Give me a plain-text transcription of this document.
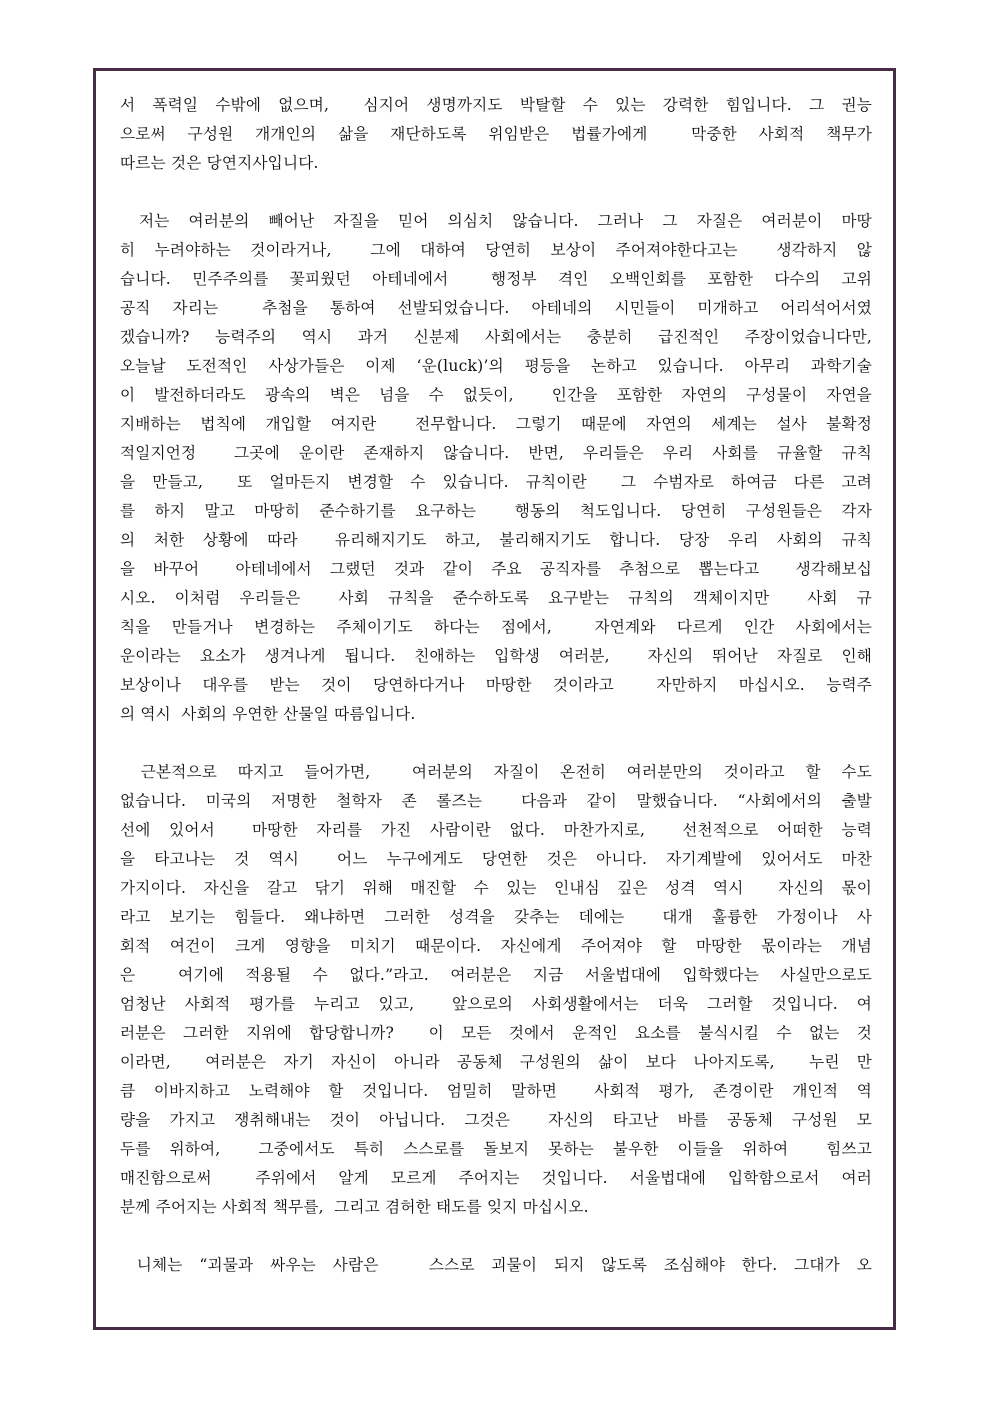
서 폭력일 수밖에 없으며,  심지어 생명까지도 박탈할 수 있는 강력한 힘입니다. 그 권능
으로써 구성원 개개인의 삶을 재단하도록 위임받은 법률가에게  막중한 사회적 책무가
따르는 것은 당연지사입니다.
저는 여러분의 빼어난 자질을 믿어 의심치 않습니다. 그러나 그 자질은 여러분이 마땅
히 누려야하는 것이라거나,  그에 대하여 당연히 보상이 주어져야한다고는  생각하지 않
습니다. 민주주의를 꽃피웠던 아테네에서  행정부 격인 오백인회를 포함한 다수의 고위
공직 자리는  추첨을 통하여 선발되었습니다. 아테네의 시민들이 미개하고 어리석어서였
겠습니까? 능력주의 역시 과거 신분제 사회에서는 충분히 급진적인 주장이었습니다만,
오늘날 도전적인 사상가들은 이제 ‘운(luck)’의 평등을 논하고 있습니다. 아무리 과학기술
이 발전하더라도 광속의 벽은 넘을 수 없듯이,  인간을 포함한 자연의 구성물이 자연을
지배하는 법칙에 개입할 여지란  전무합니다. 그렇기 때문에 자연의 세계는 설사 불확정
적일지언정  그곳에 운이란 존재하지 않습니다. 반면, 우리들은 우리 사회를 규율할 규칙
을 만들고,  또 얼마든지 변경할 수 있습니다. 규칙이란  그 수범자로 하여금 다른 고려
를 하지 말고 마땅히 준수하기를 요구하는  행동의 척도입니다. 당연히 구성원들은 각자
의 처한 상황에 따라  유리해지기도 하고, 불리해지기도 합니다. 당장 우리 사회의 규칙
을 바꾸어  아테네에서 그랬던 것과 같이 주요 공직자를 추첨으로 뽑는다고  생각해보십
시오. 이처럼 우리들은  사회 규칙을 준수하도록 요구받는 규칙의 객체이지만  사회 규
칙을 만들거나 변경하는 주체이기도 하다는 점에서,  자연계와 다르게 인간 사회에서는
운이라는 요소가 생겨나게 됩니다. 친애하는 입학생 여러분,  자신의 뛰어난 자질로 인해
보상이나 대우를 받는 것이 당연하다거나 마땅한 것이라고  자만하지 마십시오. 능력주
의 역시  사회의 우연한 산물일 따름입니다.
근본적으로 따지고 들어가면,  여러분의 자질이 온전히 여러분만의 것이라고 할 수도
없습니다. 미국의 저명한 철학자 존 롤즈는  다음과 같이 말했습니다. “사회에서의 출발
선에 있어서  마땅한 자리를 가진 사람이란 없다. 마찬가지로,  선천적으로 어떠한 능력
을 타고나는 것 역시  어느 누구에게도 당연한 것은 아니다. 자기계발에 있어서도 마찬
가지이다. 자신을 갈고 닦기 위해 매진할 수 있는 인내심 깊은 성격 역시  자신의 몫이
라고 보기는 힘들다. 왜냐하면 그러한 성격을 갖추는 데에는  대개 훌륭한 가정이나 사
회적 여건이 크게 영향을 미치기 때문이다. 자신에게 주어져야 할 마땅한 몫이라는 개념
은  여기에 적용될 수 없다.”라고. 여러분은 지금 서울법대에 입학했다는 사실만으로도
엄청난 사회적 평가를 누리고 있고,  앞으로의 사회생활에서는 더욱 그러할 것입니다. 여
러분은 그러한 지위에 합당합니까?  이 모든 것에서 운적인 요소를 불식시킬 수 없는 것
이라면,  여러분은 자기 자신이 아니라 공동체 구성원의 삶이 보다 나아지도록,  누린 만
큼 이바지하고 노력해야 할 것입니다. 엄밀히 말하면  사회적 평가, 존경이란 개인적 역
량을 가지고 쟁취해내는 것이 아닙니다. 그것은  자신의 타고난 바를 공동체 구성원 모
두를 위하여,  그중에서도 특히 스스로를 돌보지 못하는 불우한 이들을 위하여  힘쓰고
매진함으로써  주위에서 알게 모르게 주어지는 것입니다. 서울법대에 입학함으로서 여러
분께 주어지는 사회적 책무를,  그리고 겸허한 태도를 잊지 마십시오.
니체는 “괴물과 싸우는 사람은   스스로 괴물이 되지 않도록 조심해야 한다. 그대가 오
